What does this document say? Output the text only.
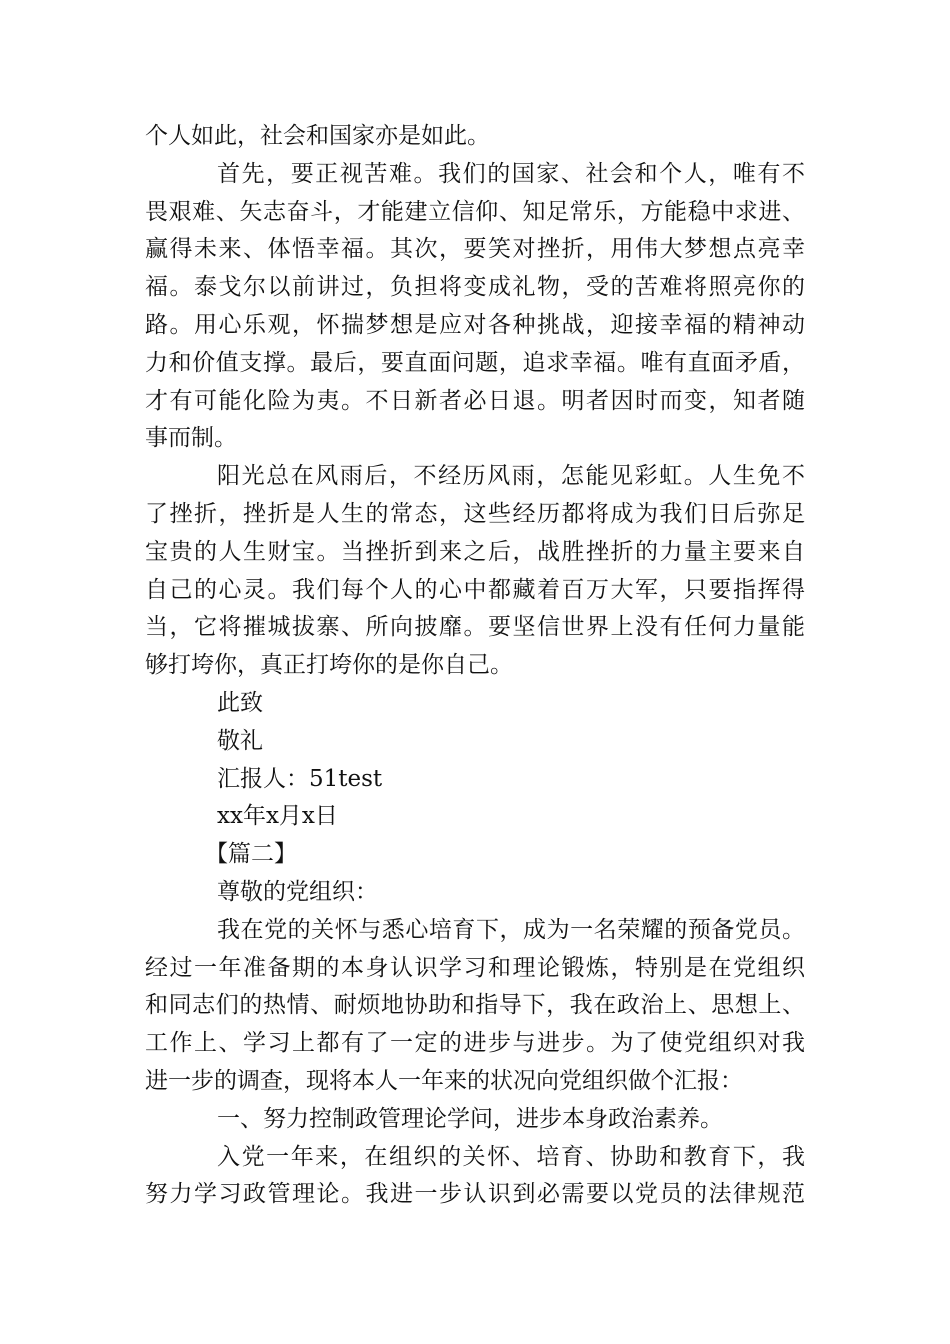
个人如此，社会和国家亦是如此。
首先，要正视苦难。我们的国家、社会和个人，唯有不
畏艰难、矢志奋斗，才能建立信仰、知足常乐，方能稳中求进、
赢得未来、体悟幸福。其次，要笑对挫折，用伟大梦想点亮幸
福。泰戈尔以前讲过，负担将变成礼物，受的苦难将照亮你的
路。用心乐观，怀揣梦想是应对各种挑战，迎接幸福的精神动
力和价值支撑。最后，要直面问题，追求幸福。唯有直面矛盾，
才有可能化险为夷。不日新者必日退。明者因时而变，知者随
事而制。
阳光总在风雨后，不经历风雨，怎能见彩虹。人生免不
了挫折，挫折是人生的常态，这些经历都将成为我们日后弥足
宝贵的人生财宝。当挫折到来之后，战胜挫折的力量主要来自
自己的心灵。我们每个人的心中都藏着百万大军，只要指挥得
当，它将摧城拔寨、所向披靡。要坚信世界上没有任何力量能
够打垮你，真正打垮你的是你自己。
此致
敬礼
汇报人：51test
xx年x月x日
【篇二】
尊敬的党组织：
我在党的关怀与悉心培育下，成为一名荣耀的预备党员。
经过一年准备期的本身认识学习和理论锻炼，特别是在党组织
和同志们的热情、耐烦地协助和指导下，我在政治上、思想上、
工作上、学习上都有了一定的进步与进步。为了使党组织对我
进一步的调查，现将本人一年来的状况向党组织做个汇报：
一、努力控制政管理论学问，进步本身政治素养。
入党一年来，在组织的关怀、培育、协助和教育下，我
努力学习政管理论。我进一步认识到必需要以党员的法律规范
